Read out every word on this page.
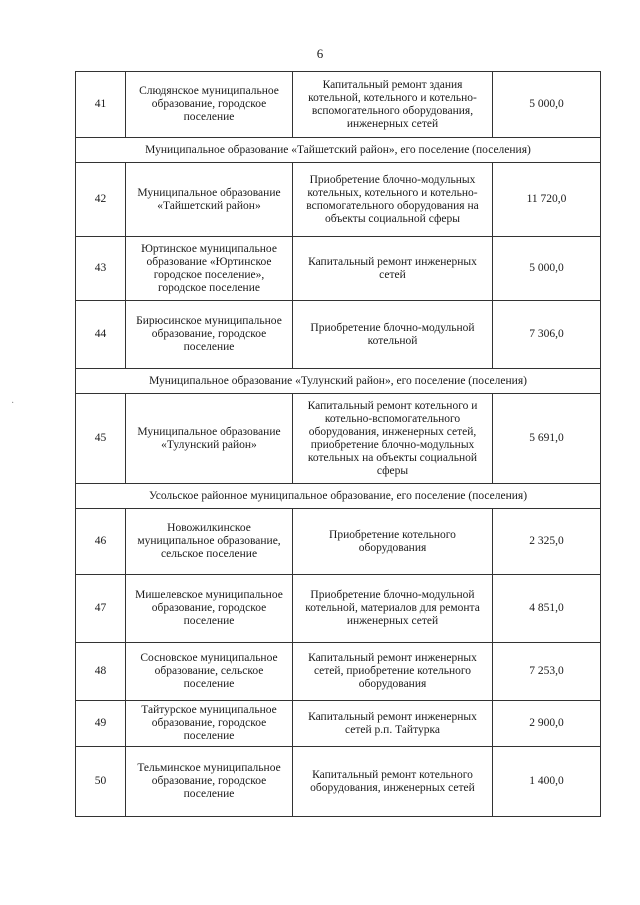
6
·
41	Слюдянское муниципальное образование, городское поселение	Капитальный ремонт здания котельной, котельного и котельно-вспомогательного оборудования, инженерных сетей	5 000,0
Муниципальное образование «Тайшетский район», его поселение (поселения)			
42	Муниципальное образование «Тайшетский район»	Приобретение блочно-модульных котельных, котельного и котельно-вспомогательного оборудования на объекты социальной сферы	11 720,0
43	Юртинское муниципальное образование «Юртинское городское поселение», городское поселение	Капитальный ремонт инженерных сетей	5 000,0
44	Бирюсинское муниципальное образование, городское поселение	Приобретение блочно-модульной котельной	7 306,0
Муниципальное образование «Тулунский район», его поселение (поселения)			
45	Муниципальное образование «Тулунский район»	Капитальный ремонт котельного и котельно-вспомогательного оборудования, инженерных сетей, приобретение блочно-модульных котельных на объекты социальной сферы	5 691,0
Усольское районное муниципальное образование, его поселение (поселения)			
46	Новожилкинское муниципальное образование, сельское поселение	Приобретение котельного оборудования	2 325,0
47	Мишелевское муниципальное образование, городское поселение	Приобретение блочно-модульной котельной, материалов для ремонта инженерных сетей	4 851,0
48	Сосновское муниципальное образование, сельское поселение	Капитальный ремонт инженерных сетей, приобретение котельного оборудования	7 253,0
49	Тайтурское муниципальное образование, городское поселение	Капитальный ремонт инженерных сетей р.п. Тайтурка	2 900,0
50	Тельминское муниципальное образование, городское поселение	Капитальный ремонт котельного оборудования, инженерных сетей	1 400,0
